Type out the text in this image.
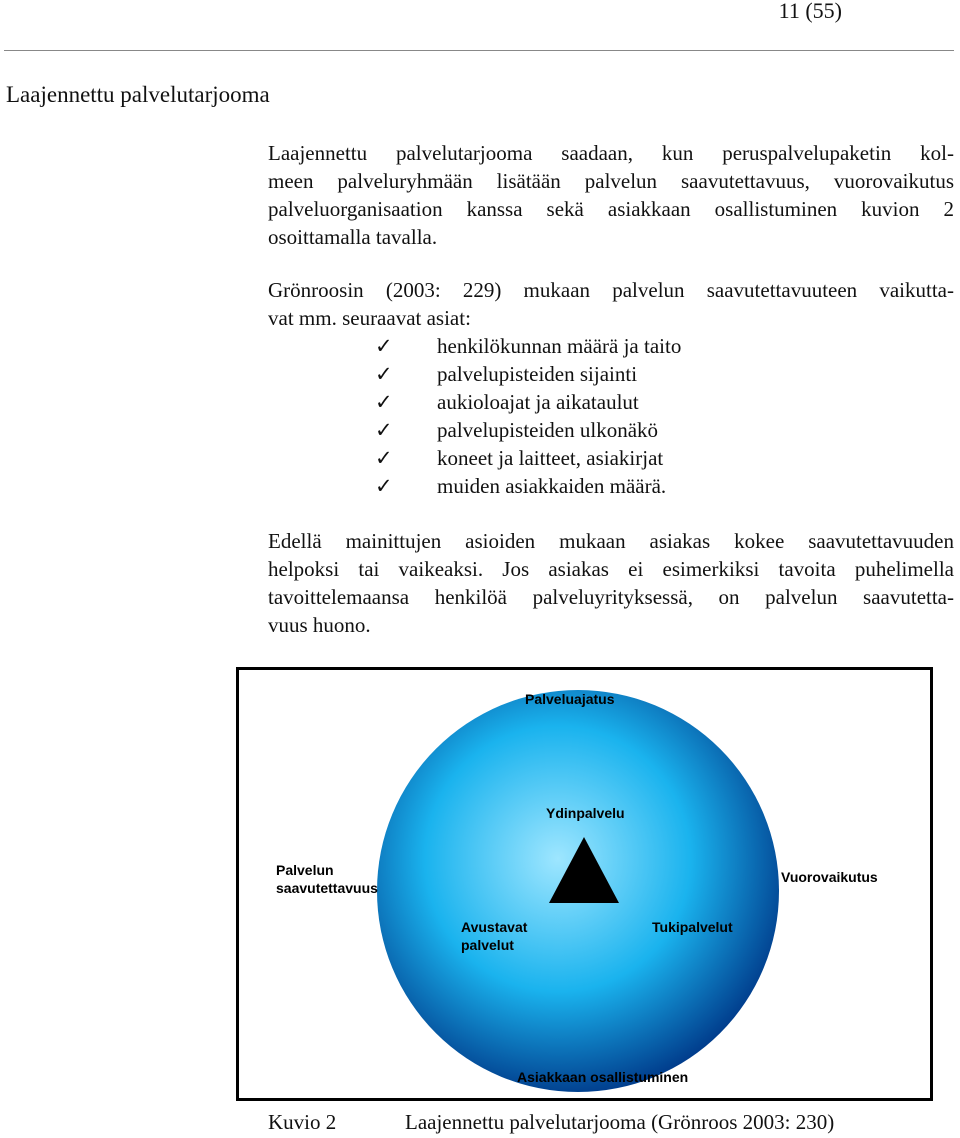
11 (55)
Laajennettu palvelutarjooma
Laajennettu palvelutarjooma saadaan, kun peruspalvelupaketin kol-
meen palveluryhmään lisätään palvelun saavutettavuus, vuorovaikutus
palveluorganisaation kanssa sekä asiakkaan osallistuminen kuvion 2
osoittamalla tavalla.
Grönroosin (2003: 229) mukaan palvelun saavutettavuuteen vaikutta-
vat mm. seuraavat asiat:
✓ henkilökunnan määrä ja taito
✓ palvelupisteiden sijainti
✓ aukioloajat ja aikataulut
✓ palvelupisteiden ulkonäkö
✓ koneet ja laitteet, asiakirjat
✓ muiden asiakkaiden määrä.
Edellä mainittujen asioiden mukaan asiakas kokee saavutettavuuden
helpoksi tai vaikeaksi. Jos asiakas ei esimerkiksi tavoita puhelimella
tavoittelemaansa henkilöä palveluyrityksessä, on palvelun saavutetta-
vuus huono.
Palveluajatus
Ydinpalvelu
Palvelun
saavutettavuus
Vuorovaikutus
Avustavat
palvelut
Tukipalvelut
Asiakkaan osallistuminen
Kuvio 2	Laajennettu palvelutarjooma (Grönroos 2003: 230)
